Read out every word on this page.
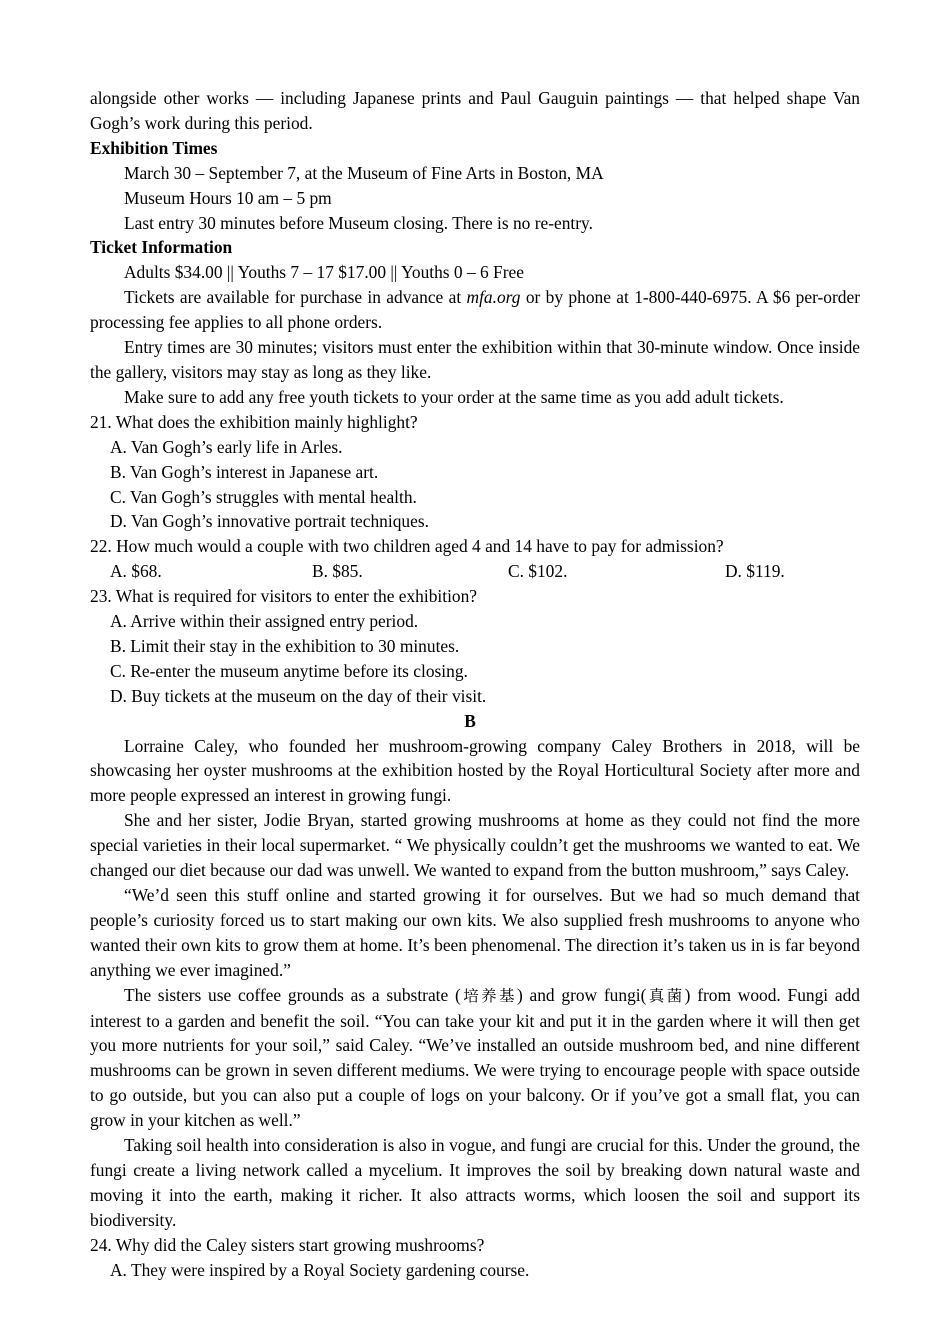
alongside other works — including Japanese prints and Paul Gauguin paintings — that helped shape Van Gogh’s work during this period.

Exhibition Times

March 30 – September 7, at the Museum of Fine Arts in Boston, MA

Museum Hours 10 am – 5 pm

Last entry 30 minutes before Museum closing. There is no re-entry.

Ticket Information

Adults $34.00 || Youths 7 – 17 $17.00 || Youths 0 – 6 Free

Tickets are available for purchase in advance at mfa.org or by phone at 1-800-440-6975. A $6 per-order processing fee applies to all phone orders.

Entry times are 30 minutes; visitors must enter the exhibition within that 30-minute window. Once inside the gallery, visitors may stay as long as they like.

Make sure to add any free youth tickets to your order at the same time as you add adult tickets.

21. What does the exhibition mainly highlight?

A. Van Gogh’s early life in Arles.

B. Van Gogh’s interest in Japanese art.

C. Van Gogh’s struggles with mental health.

D. Van Gogh’s innovative portrait techniques.

22. How much would a couple with two children aged 4 and 14 have to pay for admission?

A. $68.	B. $85.	C. $102.	D. $119.

23. What is required for visitors to enter the exhibition?

A. Arrive within their assigned entry period.

B. Limit their stay in the exhibition to 30 minutes.

C. Re-enter the museum anytime before its closing.

D. Buy tickets at the museum on the day of their visit.

B

Lorraine Caley, who founded her mushroom-growing company Caley Brothers in 2018, will be showcasing her oyster mushrooms at the exhibition hosted by the Royal Horticultural Society after more and more people expressed an interest in growing fungi.

She and her sister, Jodie Bryan, started growing mushrooms at home as they could not find the more special varieties in their local supermarket. “ We physically couldn’t get the mushrooms we wanted to eat. We changed our diet because our dad was unwell. We wanted to expand from the button mushroom,” says Caley.

“We’d seen this stuff online and started growing it for ourselves. But we had so much demand that people’s curiosity forced us to start making our own kits. We also supplied fresh mushrooms to anyone who wanted their own kits to grow them at home. It’s been phenomenal. The direction it’s taken us in is far beyond anything we ever imagined.”

The sisters use coffee grounds as a substrate (培养基) and grow fungi(真菌) from wood. Fungi add interest to a garden and benefit the soil. “You can take your kit and put it in the garden where it will then get you more nutrients for your soil,” said Caley. “We’ve installed an outside mushroom bed, and nine different mushrooms can be grown in seven different mediums. We were trying to encourage people with space outside to go outside, but you can also put a couple of logs on your balcony. Or if you’ve got a small flat, you can grow in your kitchen as well.”

Taking soil health into consideration is also in vogue, and fungi are crucial for this. Under the ground, the fungi create a living network called a mycelium. It improves the soil by breaking down natural waste and moving it into the earth, making it richer. It also attracts worms, which loosen the soil and support its biodiversity.

24. Why did the Caley sisters start growing mushrooms?

A. They were inspired by a Royal Society gardening course.
